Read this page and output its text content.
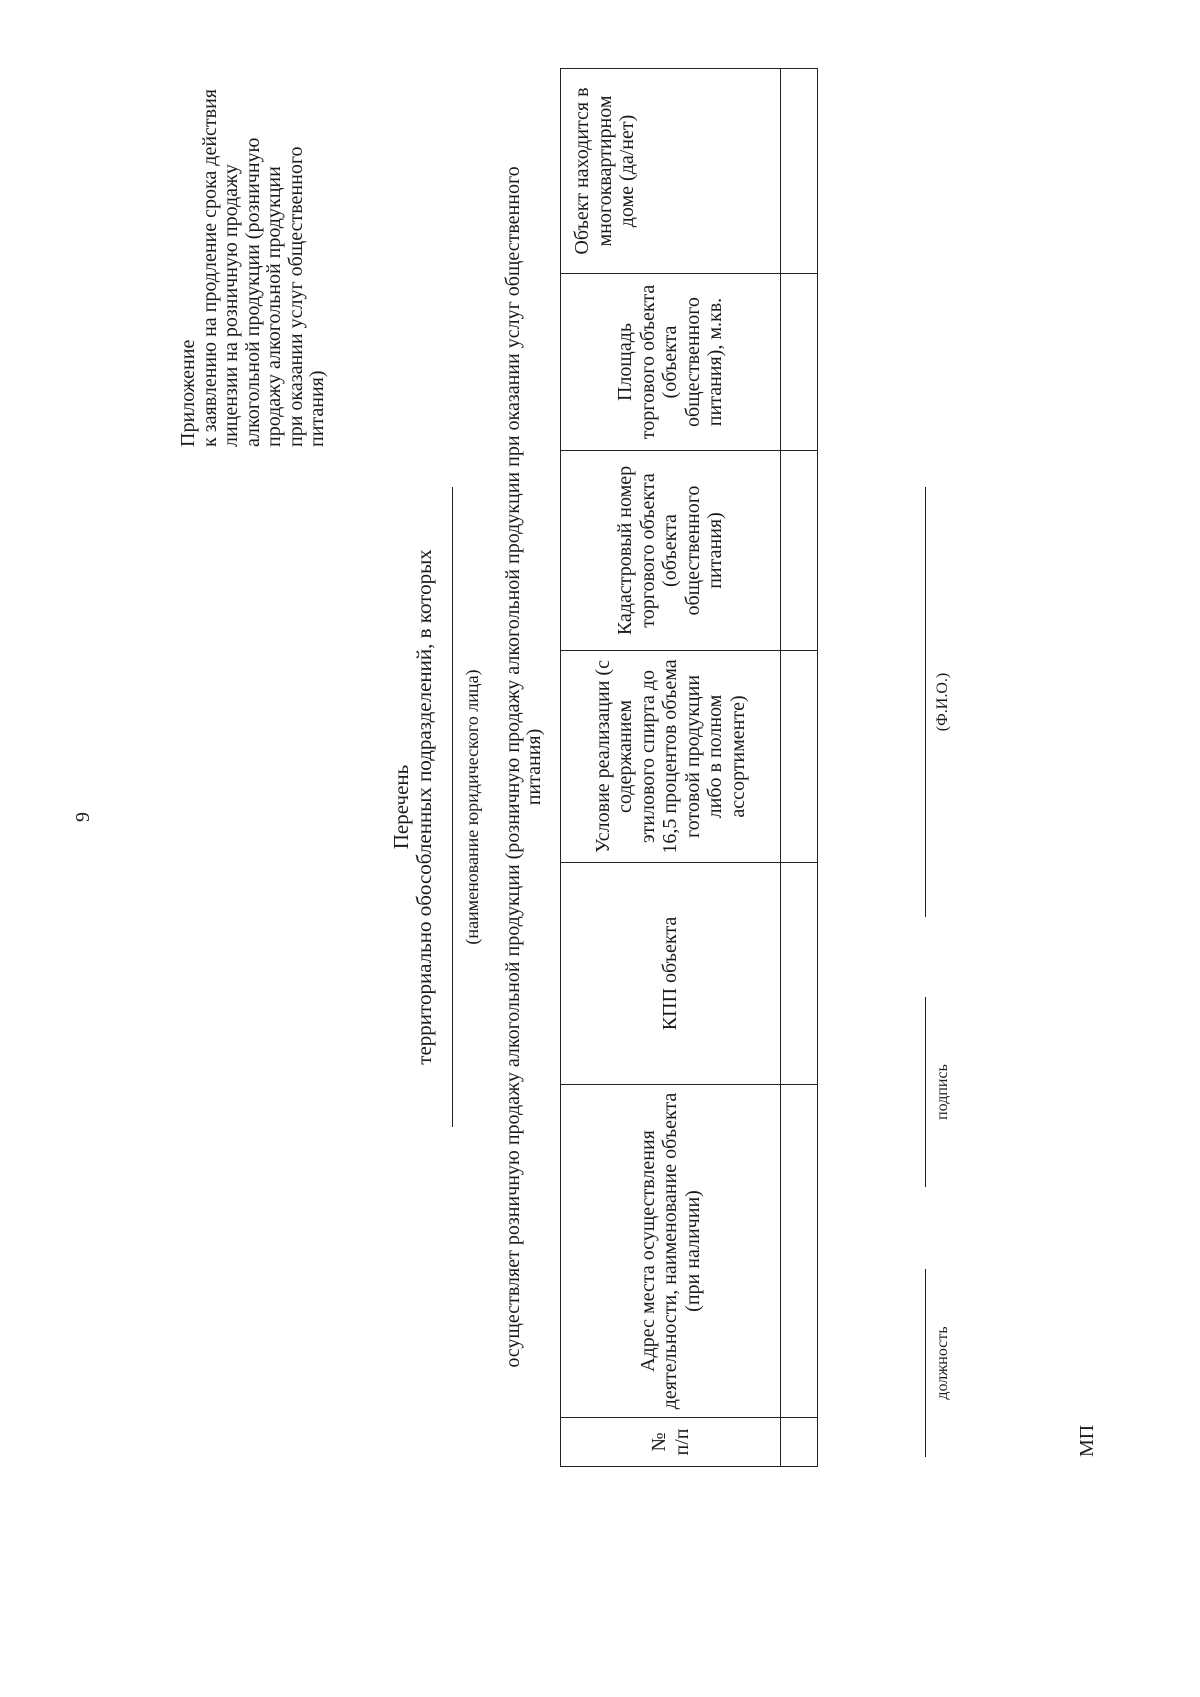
9
Приложение к заявлению на продление срока действия лицензии на розничную продажу алкогольной продукции (розничную продажу алкогольной продукции при оказании услуг общественного питания)
Перечень территориально обособленных подразделений, в которых (наименование юридического лица) осуществляет розничную продажу алкогольной продукции (розничную продажу алкогольной продукции при оказании услуг общественного питания)
№ п/п	Адрес места осуществления деятельности, наименование объекта (при наличии)	КПП объекта	Условие реализации (с содержанием этилового спирта до 16,5 процентов объема готовой продукции либо в полном ассортименте)	Кадастровый номер торгового объекта (объекта общественного питания)	Площадь торгового объекта (объекта общественного питания), м.кв.	Объект находится в многоквартирном доме (да/нет)

должность
подпись
(Ф.И.О.)
МП
